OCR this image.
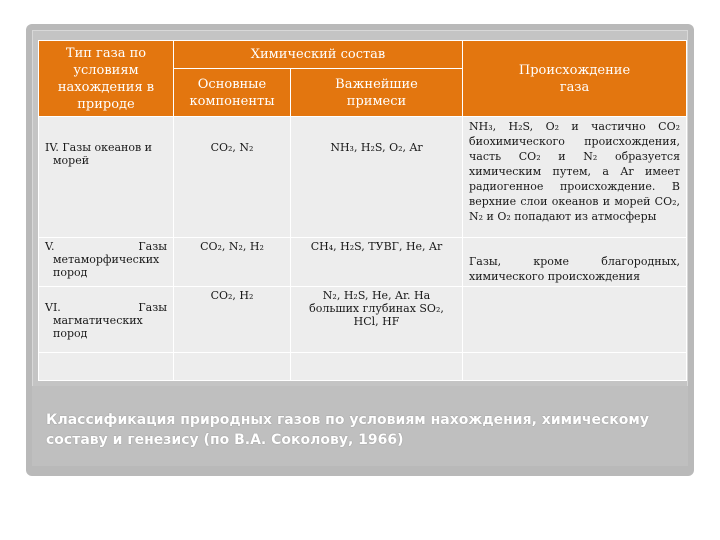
Тип газа по условиям нахождения в природе	Химический состав		Происхождение газа
	Основные компоненты	Важнейшие примеси	
IV. Газы океанов и
морей	CO₂, N₂	NH₃, H₂S, O₂, Ar	NH₃, H₂S, O₂ и частично CO₂ биохимического происхождения, часть CO₂ и N₂ образуется химическим путем, а Ar имеет радиогенное происхождение. В верхние слои океанов и морей CO₂, N₂ и O₂ попадают из атмосферы
V. Газы
метаморфических пород	CO₂, N₂, H₂	CH₄, H₂S, ТУВГ, He, Ar	Газы, кроме благородных, химического происхождения
VI. Газы
магматических пород	CO₂, H₂	N₂, H₂S, He, Ar. На больших глубинах SO₂, HCl, HF	

Классификация природных газов по условиям нахождения, химическому составу и генезису (по В.А. Соколову, 1966)
